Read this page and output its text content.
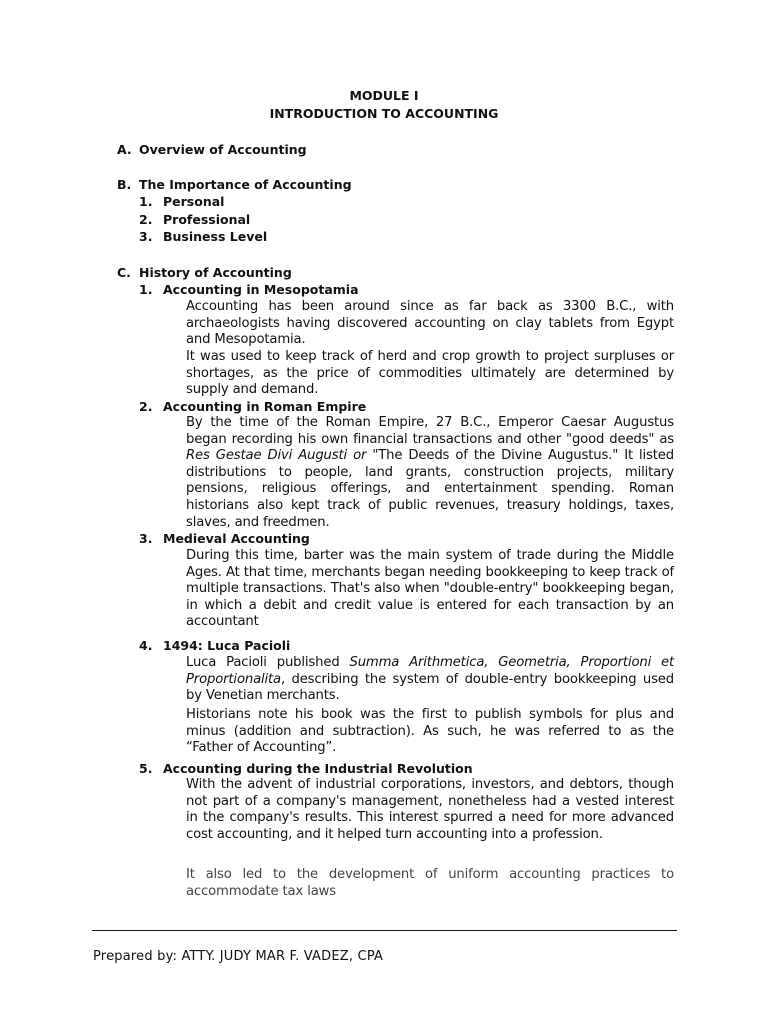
MODULE I
INTRODUCTION TO ACCOUNTING
A. Overview of Accounting
B. The Importance of Accounting
1. Personal
2. Professional
3. Business Level
C. History of Accounting
1. Accounting in Mesopotamia
Accounting has been around since as far back as 3300 B.C., with archaeologists having discovered accounting on clay tablets from Egypt and Mesopotamia.
It was used to keep track of herd and crop growth to project surpluses or shortages, as the price of commodities ultimately are determined by supply and demand.
2. Accounting in Roman Empire
By the time of the Roman Empire, 27 B.C., Emperor Caesar Augustus began recording his own financial transactions and other "good deeds" as Res Gestae Divi Augusti or "The Deeds of the Divine Augustus." It listed distributions to people, land grants, construction projects, military pensions, religious offerings, and entertainment spending. Roman historians also kept track of public revenues, treasury holdings, taxes, slaves, and freedmen.
3. Medieval Accounting
During this time, barter was the main system of trade during the Middle Ages. At that time, merchants began needing bookkeeping to keep track of multiple transactions. That's also when "double-entry" bookkeeping began, in which a debit and credit value is entered for each transaction by an accountant
4. 1494: Luca Pacioli
Luca Pacioli published Summa Arithmetica, Geometria, Proportioni et Proportionalita, describing the system of double-entry bookkeeping used by Venetian merchants.
Historians note his book was the first to publish symbols for plus and minus (addition and subtraction). As such, he was referred to as the “Father of Accounting”.
5. Accounting during the Industrial Revolution
With the advent of industrial corporations, investors, and debtors, though not part of a company's management, nonetheless had a vested interest in the company's results. This interest spurred a need for more advanced cost accounting, and it helped turn accounting into a profession.
It also led to the development of uniform accounting practices to accommodate tax laws
Prepared by: ATTY. JUDY MAR F. VADEZ, CPA
